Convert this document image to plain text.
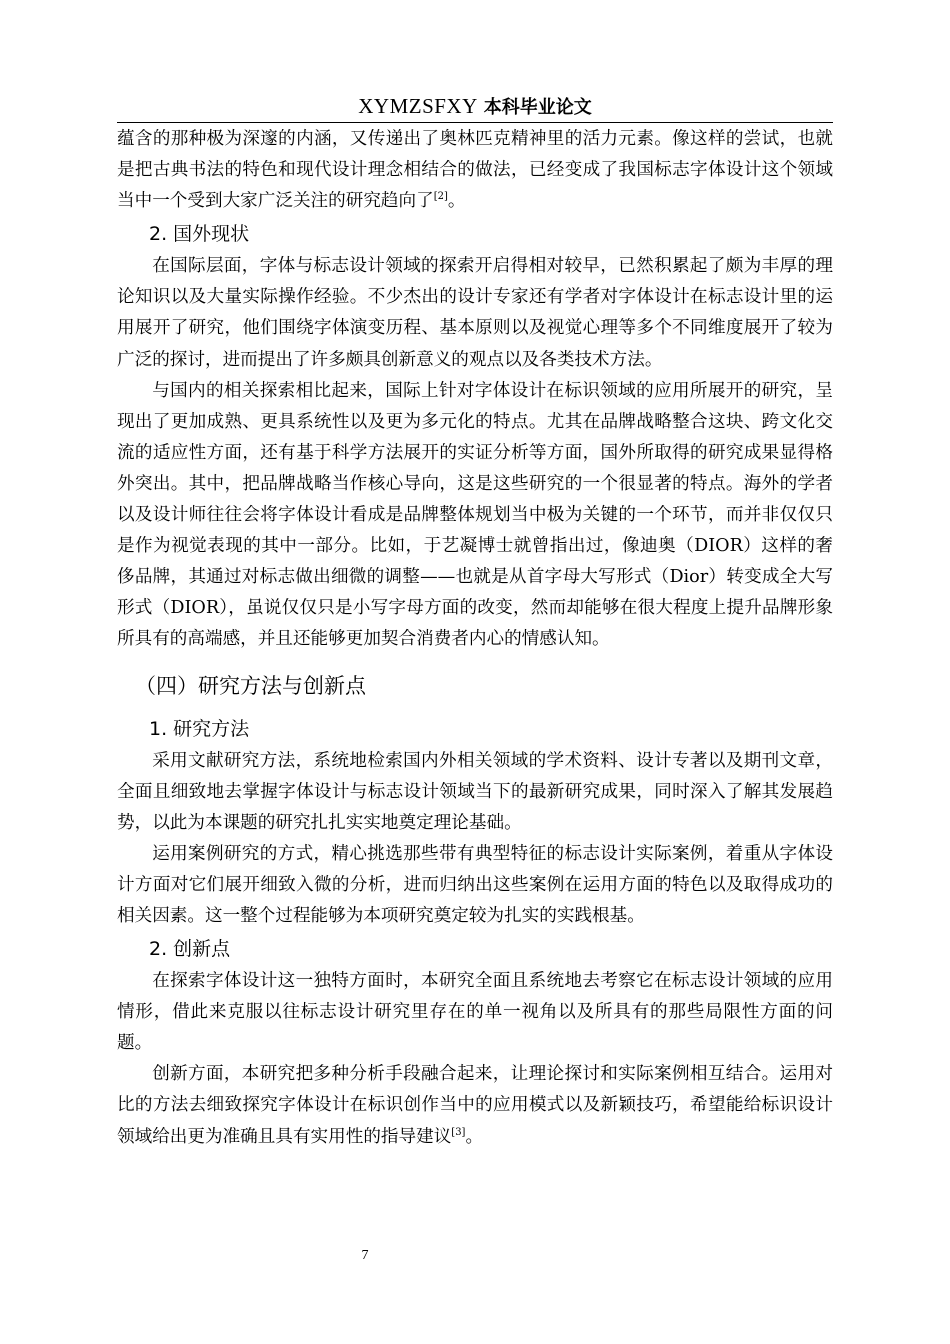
XYMZSFXY 本科毕业论文

蕴含的那种极为深邃的内涵，又传递出了奥林匹克精神里的活力元素。像这样的尝试，也就是把古典书法的特色和现代设计理念相结合的做法，已经变成了我国标志字体设计这个领域当中一个受到大家广泛关注的研究趋向了[2]。

2. 国外现状

在国际层面，字体与标志设计领域的探索开启得相对较早，已然积累起了颇为丰厚的理论知识以及大量实际操作经验。不少杰出的设计专家还有学者对字体设计在标志设计里的运用展开了研究，他们围绕字体演变历程、基本原则以及视觉心理等多个不同维度展开了较为广泛的探讨，进而提出了许多颇具创新意义的观点以及各类技术方法。

与国内的相关探索相比起来，国际上针对字体设计在标识领域的应用所展开的研究，呈现出了更加成熟、更具系统性以及更为多元化的特点。尤其在品牌战略整合这块、跨文化交流的适应性方面，还有基于科学方法展开的实证分析等方面，国外所取得的研究成果显得格外突出。其中，把品牌战略当作核心导向，这是这些研究的一个很显著的特点。海外的学者以及设计师往往会将字体设计看成是品牌整体规划当中极为关键的一个环节，而并非仅仅只是作为视觉表现的其中一部分。比如，于艺凝博士就曾指出过，像迪奥（DIOR）这样的奢侈品牌，其通过对标志做出细微的调整——也就是从首字母大写形式（Dior）转变成全大写形式（DIOR），虽说仅仅只是小写字母方面的改变，然而却能够在很大程度上提升品牌形象所具有的高端感，并且还能够更加契合消费者内心的情感认知。

（四）研究方法与创新点
1. 研究方法

采用文献研究方法，系统地检索国内外相关领域的学术资料、设计专著以及期刊文章，全面且细致地去掌握字体设计与标志设计领域当下的最新研究成果，同时深入了解其发展趋势，以此为本课题的研究扎扎实实地奠定理论基础。

运用案例研究的方式，精心挑选那些带有典型特征的标志设计实际案例，着重从字体设计方面对它们展开细致入微的分析，进而归纳出这些案例在运用方面的特色以及取得成功的相关因素。这一整个过程能够为本项研究奠定较为扎实的实践根基。

2. 创新点

在探索字体设计这一独特方面时，本研究全面且系统地去考察它在标志设计领域的应用情形，借此来克服以往标志设计研究里存在的单一视角以及所具有的那些局限性方面的问题。

创新方面，本研究把多种分析手段融合起来，让理论探讨和实际案例相互结合。运用对比的方法去细致探究字体设计在标识创作当中的应用模式以及新颖技巧，希望能给标识设计领域给出更为准确且具有实用性的指导建议[3]。

7
